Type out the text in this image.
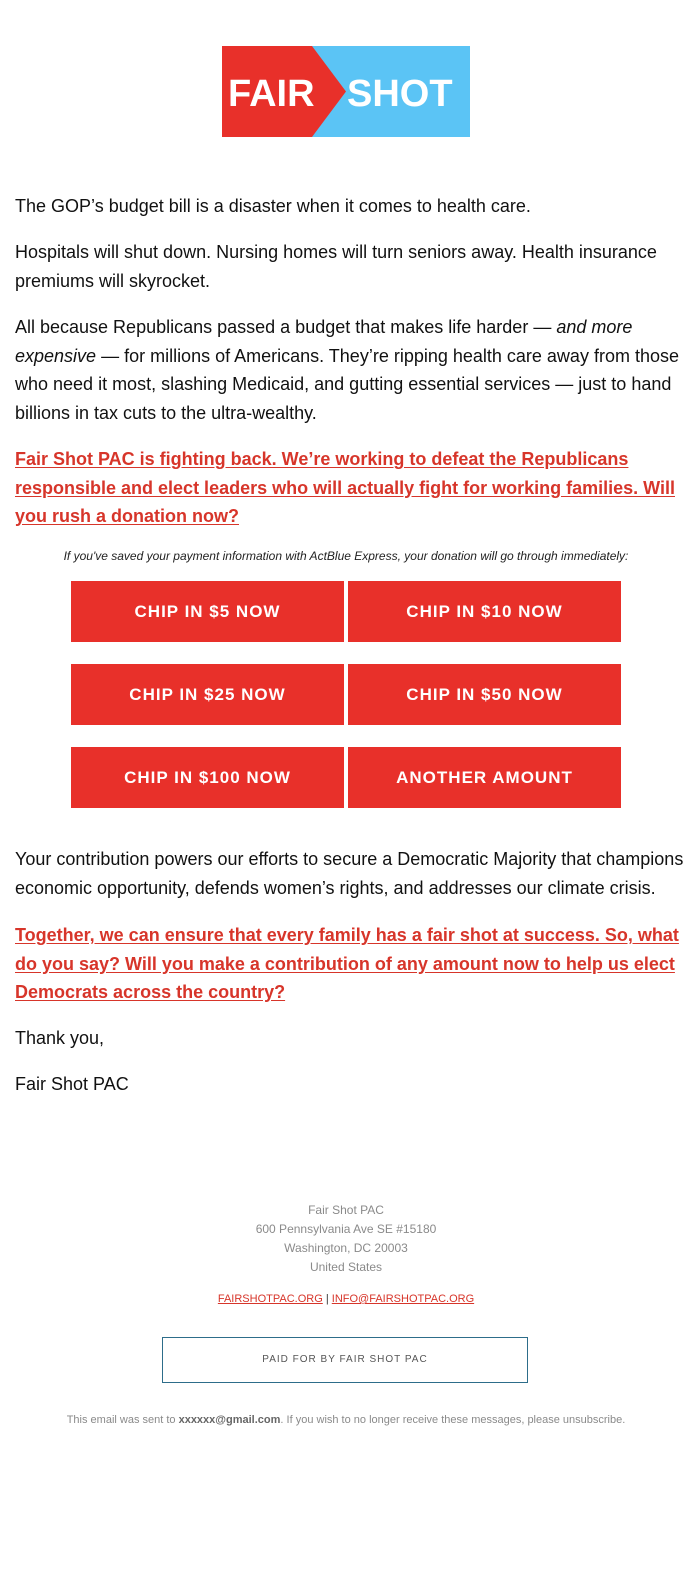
FAIR SHOT

The GOP’s budget bill is a disaster when it comes to health care.

Hospitals will shut down. Nursing homes will turn seniors away. Health insurance premiums will skyrocket.

All because Republicans passed a budget that makes life harder — and more expensive — for millions of Americans. They’re ripping health care away from those who need it most, slashing Medicaid, and gutting essential services — just to hand billions in tax cuts to the ultra-wealthy.

Fair Shot PAC is fighting back. We’re working to defeat the Republicans responsible and elect leaders who will actually fight for working families. Will you rush a donation now?

If you've saved your payment information with ActBlue Express, your donation will go through immediately:
CHIP IN $5 NOW	CHIP IN $10 NOW
CHIP IN $25 NOW	CHIP IN $50 NOW
CHIP IN $100 NOW	ANOTHER AMOUNT

Your contribution powers our efforts to secure a Democratic Majority that champions economic opportunity, defends women’s rights, and addresses our climate crisis.

Together, we can ensure that every family has a fair shot at success. So, what do you say? Will you make a contribution of any amount now to help us elect Democrats across the country?

Thank you,

Fair Shot PAC

Fair Shot PAC
600 Pennsylvania Ave SE #15180
Washington, DC 20003
United States
FAIRSHOTPAC.ORG | INFO@FAIRSHOTPAC.ORG
PAID FOR BY FAIR SHOT PAC
This email was sent to xxxxxx@gmail.com. If you wish to no longer receive these messages, please unsubscribe.
